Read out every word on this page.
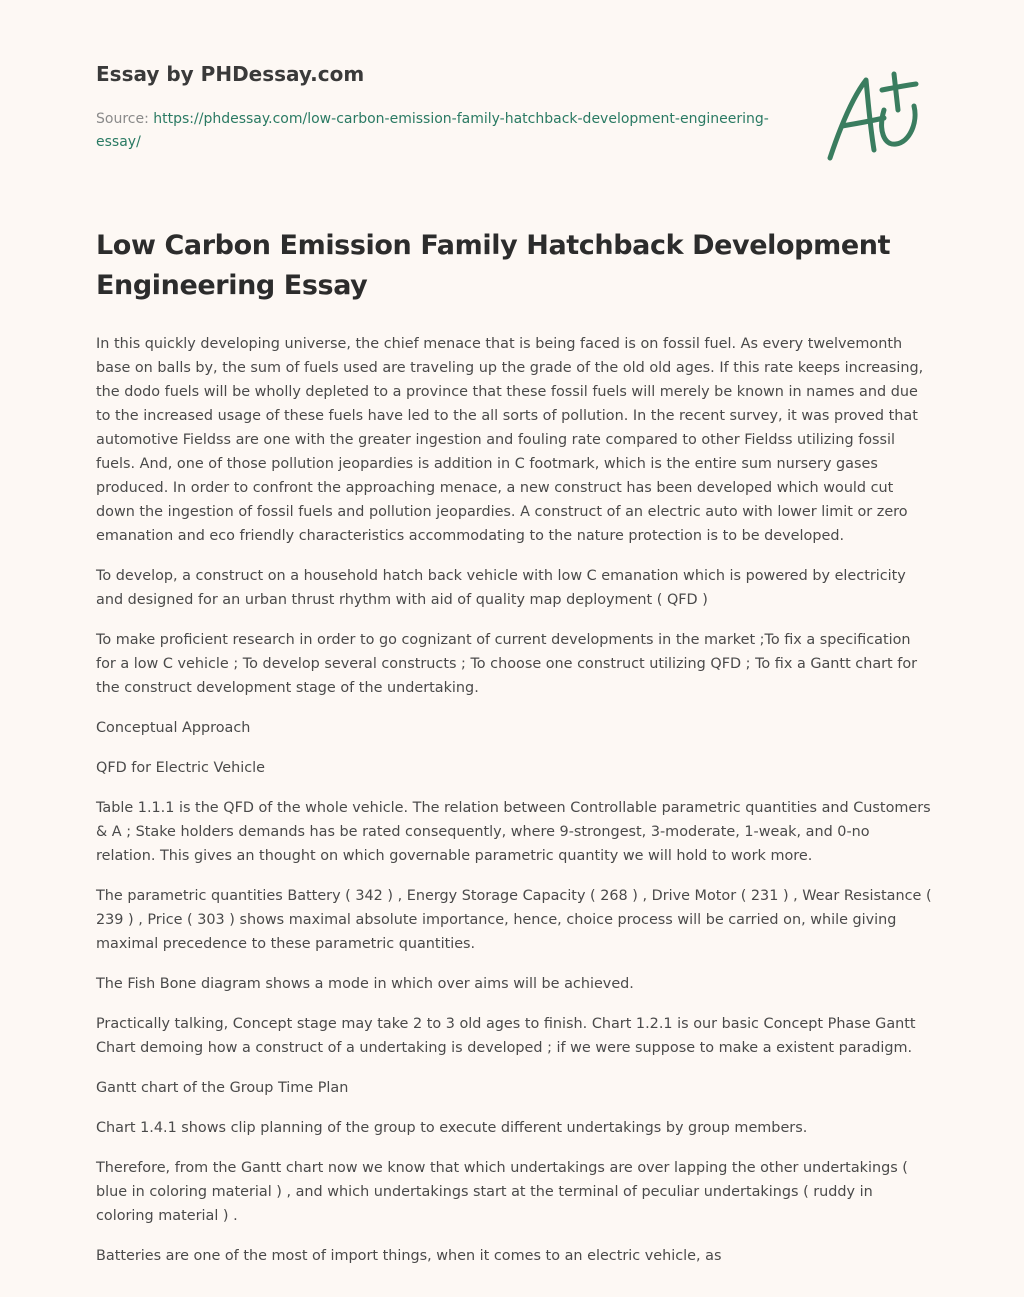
Essay by PHDessay.com
Source: https://phdessay.com/low-carbon-emission-family-hatchback-development-engineering-essay/
Low Carbon Emission Family Hatchback Development Engineering Essay

In this quickly developing universe, the chief menace that is being faced is on fossil fuel. As every twelvemonth base on balls by, the sum of fuels used are traveling up the grade of the old old ages. If this rate keeps increasing, the dodo fuels will be wholly depleted to a province that these fossil fuels will merely be known in names and due to the increased usage of these fuels have led to the all sorts of pollution. In the recent survey, it was proved that automotive Fieldss are one with the greater ingestion and fouling rate compared to other Fieldss utilizing fossil fuels. And, one of those pollution jeopardies is addition in C footmark, which is the entire sum nursery gases produced. In order to confront the approaching menace, a new construct has been developed which would cut down the ingestion of fossil fuels and pollution jeopardies. A construct of an electric auto with lower limit or zero emanation and eco friendly characteristics accommodating to the nature protection is to be developed.

To develop, a construct on a household hatch back vehicle with low C emanation which is powered by electricity and designed for an urban thrust rhythm with aid of quality map deployment ( QFD )

To make proficient research in order to go cognizant of current developments in the market ;To fix a specification for a low C vehicle ; To develop several constructs ; To choose one construct utilizing QFD ; To fix a Gantt chart for the construct development stage of the undertaking.

Conceptual Approach

QFD for Electric Vehicle

Table 1.1.1 is the QFD of the whole vehicle. The relation between Controllable parametric quantities and Customers & A ; Stake holders demands has be rated consequently, where 9-strongest, 3-moderate, 1-weak, and 0-no relation. This gives an thought on which governable parametric quantity we will hold to work more.

The parametric quantities Battery ( 342 ) , Energy Storage Capacity ( 268 ) , Drive Motor ( 231 ) , Wear Resistance ( 239 ) , Price ( 303 ) shows maximal absolute importance, hence, choice process will be carried on, while giving maximal precedence to these parametric quantities.

The Fish Bone diagram shows a mode in which over aims will be achieved.

Practically talking, Concept stage may take 2 to 3 old ages to finish. Chart 1.2.1 is our basic Concept Phase Gantt Chart demoing how a construct of a undertaking is developed ; if we were suppose to make a existent paradigm.

Gantt chart of the Group Time Plan

Chart 1.4.1 shows clip planning of the group to execute different undertakings by group members.

Therefore, from the Gantt chart now we know that which undertakings are over lapping the other undertakings ( blue in coloring material ) , and which undertakings start at the terminal of peculiar undertakings ( ruddy in coloring material ) .

Batteries are one of the most of import things, when it comes to an electric vehicle, as
